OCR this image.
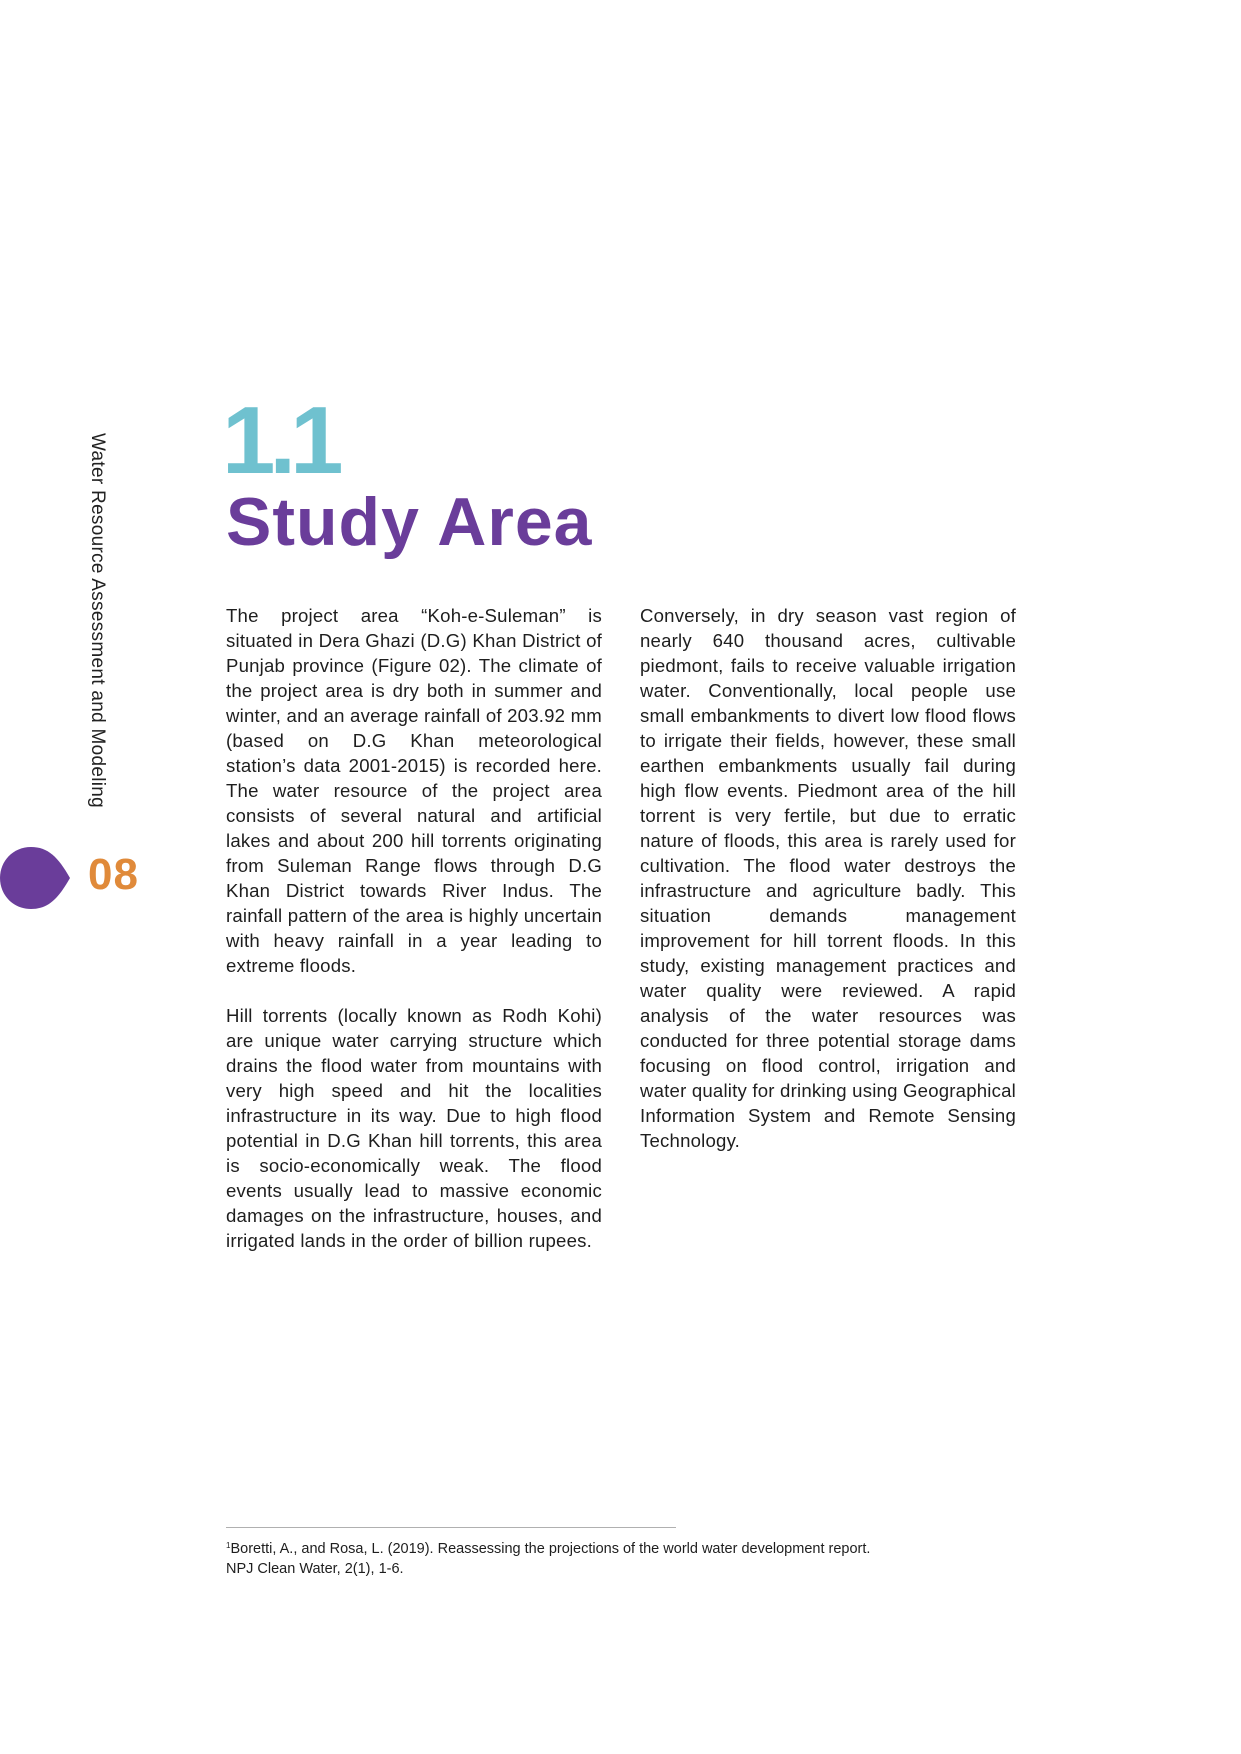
Water Resource Assessment and Modeling
08
1.1
Study Area

The project area “Koh-e-Suleman” is situated in Dera Ghazi (D.G) Khan District of Punjab province (Figure 02). The climate of the project area is dry both in summer and winter, and an average rainfall of 203.92 mm (based on D.G Khan meteorological station’s data 2001-2015) is recorded here. The water resource of the project area consists of several natural and artificial lakes and about 200 hill torrents originating from Suleman Range flows through D.G Khan District towards River Indus. The rainfall pattern of the area is highly uncertain with heavy rainfall in a year leading to extreme floods.

Hill torrents (locally known as Rodh Kohi) are unique water carrying structure which drains the flood water from mountains with very high speed and hit the localities infrastructure in its way. Due to high flood potential in D.G Khan hill torrents, this area is socio-economically weak. The flood events usually lead to massive economic damages on the infrastructure, houses, and irrigated lands in the order of billion rupees.

Conversely, in dry season vast region of nearly 640 thousand acres, cultivable piedmont, fails to receive valuable irrigation water. Conventionally, local people use small embankments to divert low flood flows to irrigate their fields, however, these small earthen embankments usually fail during high flow events. Piedmont area of the hill torrent is very fertile, but due to erratic nature of floods, this area is rarely used for cultivation. The flood water destroys the infrastructure and agriculture badly. This situation demands management improvement for hill torrent floods. In this study, existing management practices and water quality were reviewed. A rapid analysis of the water resources was conducted for three potential storage dams focusing on flood control, irrigation and water quality for drinking using Geographical Information System and Remote Sensing Technology.

$^1$Boretti, A., and Rosa, L. (2019). Reassessing the projections of the world water development report.
NPJ Clean Water, 2(1), 1-6.
